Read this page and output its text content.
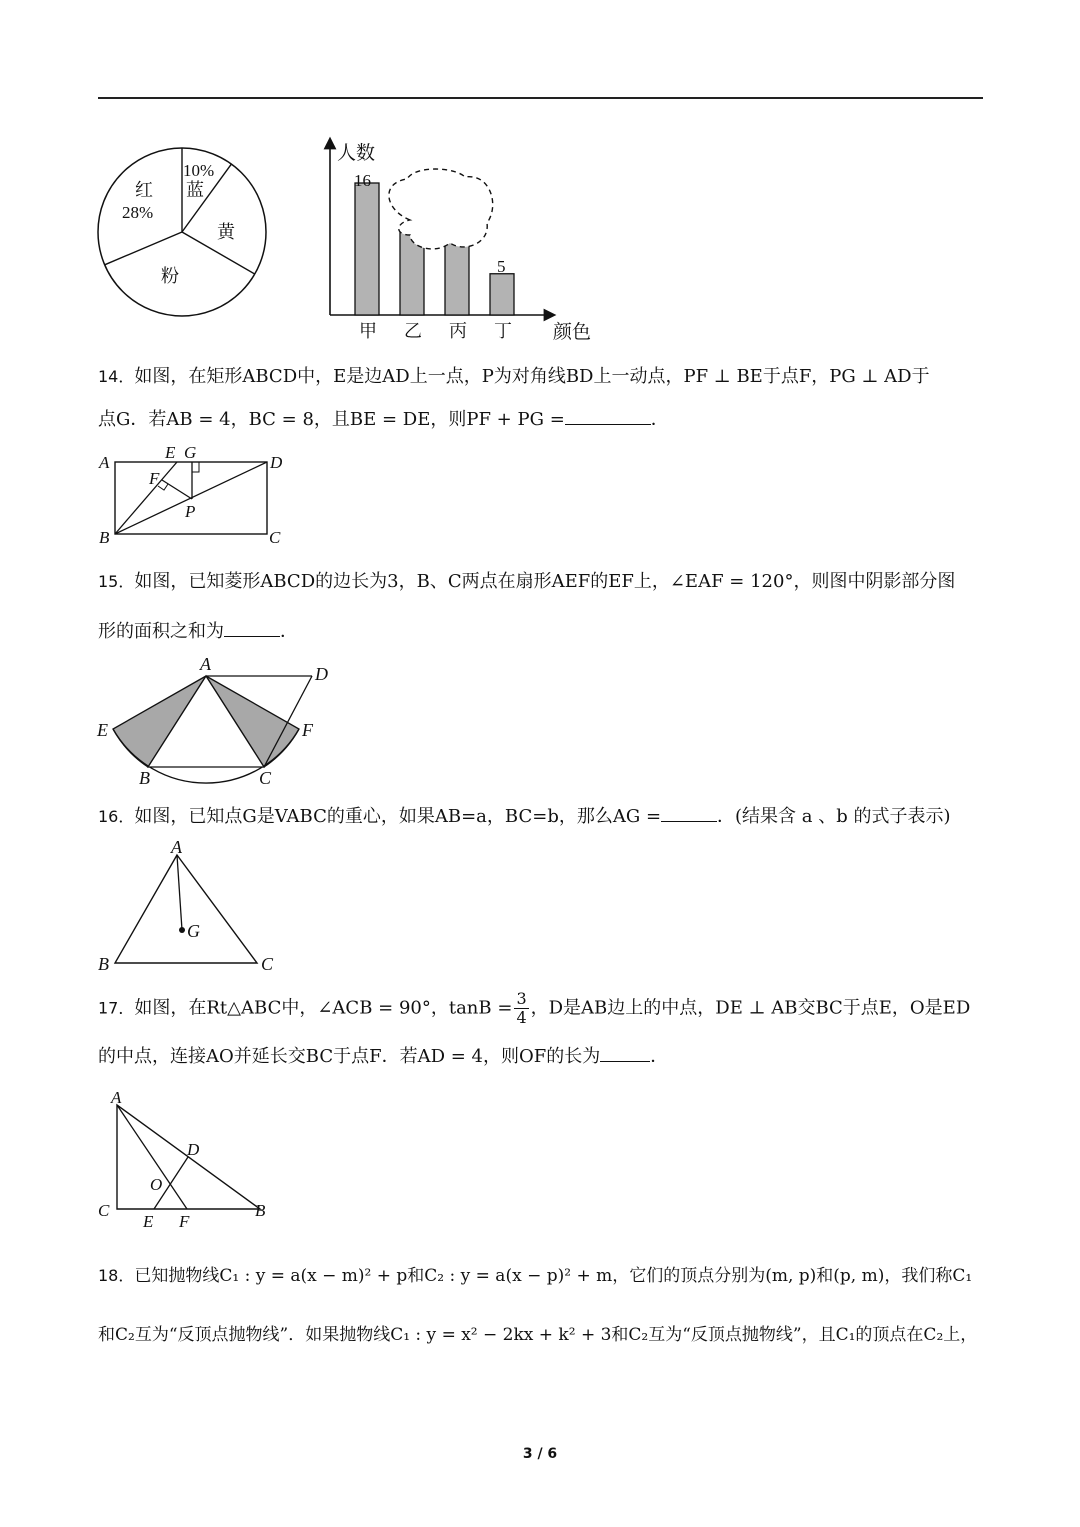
10%
蓝
黄
粉
红
28%
人数
颜色
16
5
甲 乙 丙 丁
14．如图，在矩形ABCD中，E是边AD上一点，P为对角线BD上一动点，PF ⊥ BE于点F，PG ⊥ AD于
点G．若AB = 4，BC = 8，且BE = DE，则PF + PG =	．
A
E G
D
F
P
B	C
15．如图，已知菱形ABCD的边长为3，B、C两点在扇形AEF的EF上，∠EAF = 120°，则图中阴影部分图
形的面积之和为	．
A	D
E	F
B	C
16．如图，已知点G是VABC的重心，如果AB=a，BC=b，那么AG =	．(结果含 a 、b 的式子表示)
A
G
B	C
17．如图，在Rt△ABC中，∠ACB = 90°，$\tan B = \frac{3}{4}$ ，D是AB边上的中点，DE ⊥ AB交BC于点E，O是ED
的中点，连接AO并延长交BC于点F．若AD = 4，则OF的长为	．
A
D
O
C
E F
B
18．已知抛物线C₁ : y = a(x − m)² + p和C₂ : y = a(x − p)² + m，它们的顶点分别为(m, p)和(p, m)，我们称C₁
和C₂互为“反顶点抛物线”．如果抛物线C₁ : y = x² − 2kx + k² + 3和C₂互为“反顶点抛物线”，且C₁的顶点在C₂上，
3 / 6
